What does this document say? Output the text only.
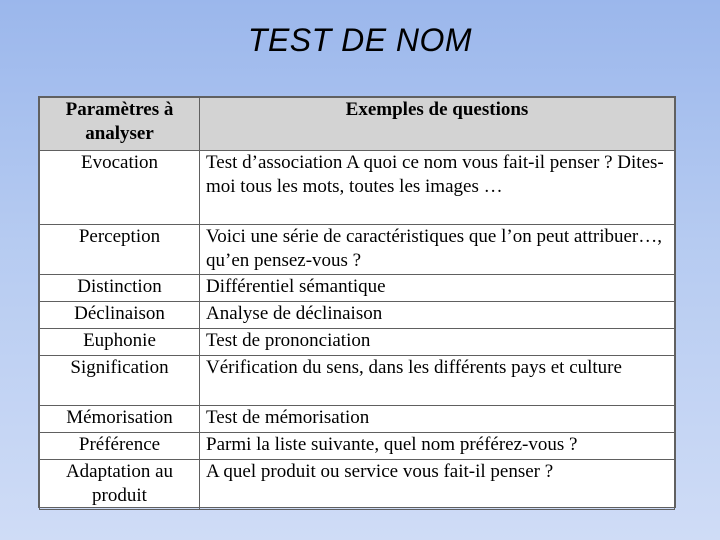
TEST DE NOM
Paramètres à analyser	Exemples de questions
Evocation	Test d’association A quoi ce nom vous fait-il penser ? Dites-moi tous les mots, toutes les images …
Perception	Voici une série de caractéristiques que l’on peut attribuer…, qu’en pensez-vous ?
Distinction	Différentiel sémantique
Déclinaison	Analyse de déclinaison
Euphonie	Test de prononciation
Signification	Vérification du sens, dans les différents pays et culture
Mémorisation	Test de mémorisation
Préférence	Parmi la liste suivante, quel nom préférez-vous ?
Adaptation au produit	A quel produit ou service vous fait-il penser ?
